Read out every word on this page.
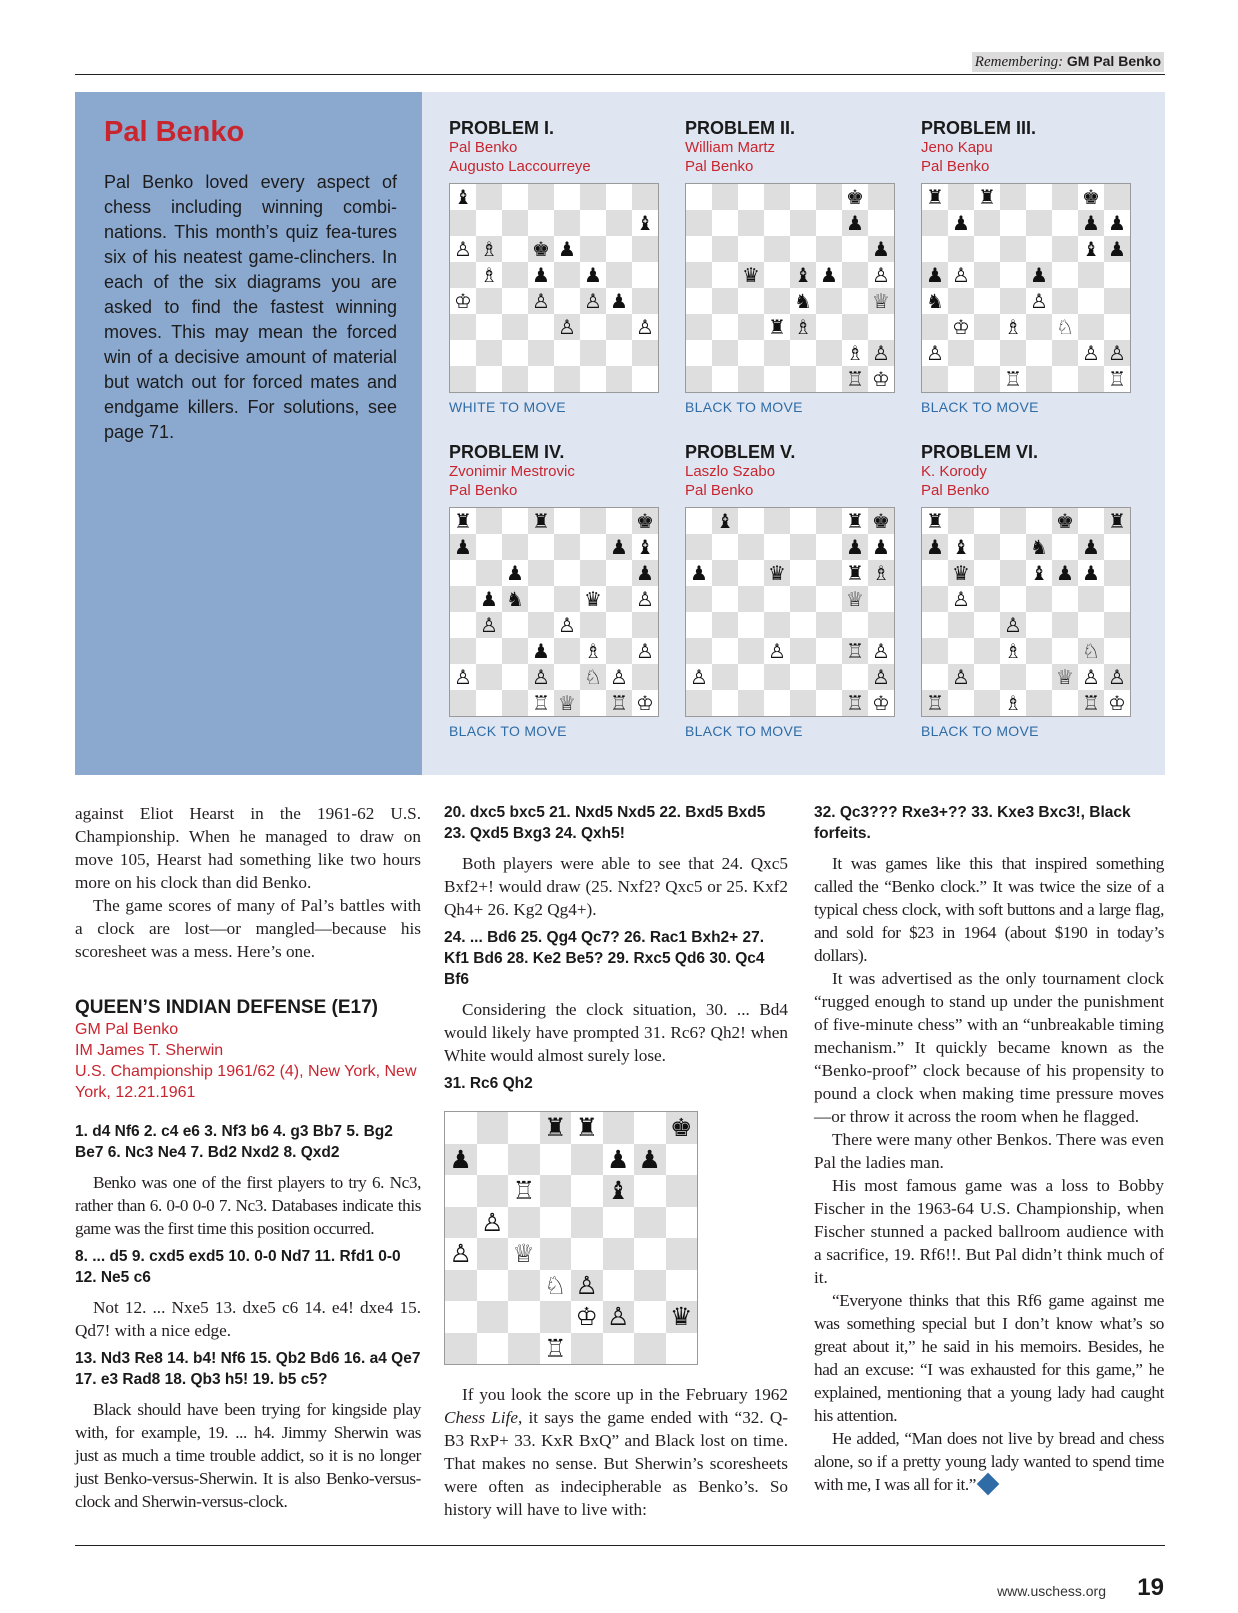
Remembering: GM Pal Benko
Pal Benko

Pal Benko loved every aspect of chess including winning combi-nations. This month’s quiz fea-tures six of his neatest game-clinchers. In each of the six diagrams you are asked to find the fastest winning moves. This may mean the forced win of a decisive amount of material but watch out for forced mates and endgame killers. For solutions, see page 71.

PROBLEM I.
Pal Benko
Augusto Laccourreye
♝
♝
♙ ♗ ♚ ♟
♗ ♟ ♟
♔	♙ ♙ ♟
♙	♙
WHITE TO MOVE
PROBLEM II.
William Martz
Pal Benko
♚
♟
♟
♛ ♝ ♟ ♙
♞	♕
♜ ♗
♗ ♙
♖ ♔
BLACK TO MOVE
PROBLEM III.
Jeno Kapu
Pal Benko
♜ ♜	♚
♟	♟ ♟
♝ ♟
♟ ♙	♟
♞	♙
♔ ♗ ♘
♙	♙ ♙
♖	♖
BLACK TO MOVE
PROBLEM IV.
Zvonimir Mestrovic
Pal Benko
♜	♜	♚
♟	♟ ♝
♟	♟
♟ ♞	♛ ♙
♙	♙
♟ ♗ ♙
♙	♙ ♘ ♙
♖ ♕ ♖ ♔
BLACK TO MOVE
PROBLEM V.
Laszlo Szabo
Pal Benko
♝	♜ ♚
♟ ♟
♟	♛	♜ ♗
♕
♙	♖ ♙
♙	♙
♖ ♔
BLACK TO MOVE
PROBLEM VI.
K. Korody
Pal Benko
♜	♚ ♜
♟ ♝	♞ ♟
♛	♝ ♟ ♟
♙
♙
♗	♘
♙	♕ ♙ ♙
♖	♗	♖ ♔
BLACK TO MOVE

against Eliot Hearst in the 1961-62 U.S. Championship. When he managed to draw on move 105, Hearst had something like two hours more on his clock than did Benko.

The game scores of many of Pal’s battles with a clock are lost—or mangled—because his scoresheet was a mess. Here’s one.

QUEEN’S INDIAN DEFENSE (E17)

GM Pal Benko

IM James T. Sherwin

U.S. Championship 1961/62 (4), New York, New York, 12.21.1961

1. d4 Nf6 2. c4 e6 3. Nf3 b6 4. g3 Bb7 5. Bg2 Be7 6. Nc3 Ne4 7. Bd2 Nxd2 8. Qxd2

Benko was one of the first players to try 6. Nc3, rather than 6. 0-0 0-0 7. Nc3. Databases indicate this game was the first time this position occurred.

8. ... d5 9. cxd5 exd5 10. 0-0 Nd7 11. Rfd1 0-0 12. Ne5 c6

Not 12. ... Nxe5 13. dxe5 c6 14. e4! dxe4 15. Qd7! with a nice edge.

13. Nd3 Re8 14. b4! Nf6 15. Qb2 Bd6 16. a4 Qe7 17. e3 Rad8 18. Qb3 h5! 19. b5 c5?

Black should have been trying for kingside play with, for example, 19. ... h4. Jimmy Sherwin was just as much a time trouble addict, so it is no longer just Benko-versus-Sherwin. It is also Benko-versus-clock and Sherwin-versus-clock.

20. dxc5 bxc5 21. Nxd5 Nxd5 22. Bxd5 Bxd5 23. Qxd5 Bxg3 24. Qxh5!

Both players were able to see that 24. Qxc5 Bxf2+! would draw (25. Nxf2? Qxc5 or 25. Kxf2 Qh4+ 26. Kg2 Qg4+).

24. ... Bd6 25. Qg4 Qc7? 26. Rac1 Bxh2+ 27. Kf1 Bd6 28. Ke2 Be5? 29. Rxc5 Qd6 30. Qc4 Bf6

Considering the clock situation, 30. ... Bd4 would likely have prompted 31. Rc6? Qh2! when White would almost surely lose.

31. Rc6 Qh2

♜ ♜	♚
♟	♟ ♟
♖	♝
♙
♙ ♕
♘ ♙
♔ ♙ ♛
♖

If you look the score up in the February 1962 Chess Life, it says the game ended with “32. Q-B3 RxP+ 33. KxR BxQ” and Black lost on time. That makes no sense. But Sherwin’s scoresheets were often as indecipherable as Benko’s. So history will have to live with:

32. Qc3??? Rxe3+?? 33. Kxe3 Bxc3!, Black forfeits.

It was games like this that inspired something called the “Benko clock.” It was twice the size of a typical chess clock, with soft buttons and a large flag, and sold for $23 in 1964 (about $190 in today’s dollars).

It was advertised as the only tournament clock “rugged enough to stand up under the punishment of five-minute chess” with an “unbreakable timing mechanism.” It quickly became known as the “Benko-proof” clock because of his propensity to pound a clock when making time pressure moves—or throw it across the room when he flagged.

There were many other Benkos. There was even Pal the ladies man.

His most famous game was a loss to Bobby Fischer in the 1963-64 U.S. Championship, when Fischer stunned a packed ballroom audience with a sacrifice, 19. Rf6!!. But Pal didn’t think much of it.

“Everyone thinks that this Rf6 game against me was something special but I don’t know what’s so great about it,” he said in his memoirs. Besides, he had an excuse: “I was exhausted for this game,” he explained, mentioning that a young lady had caught his attention.

He added, “Man does not live by bread and chess alone, so if a pretty young lady wanted to spend time with me, I was all for it.”	↑

www.uschess.org 19
